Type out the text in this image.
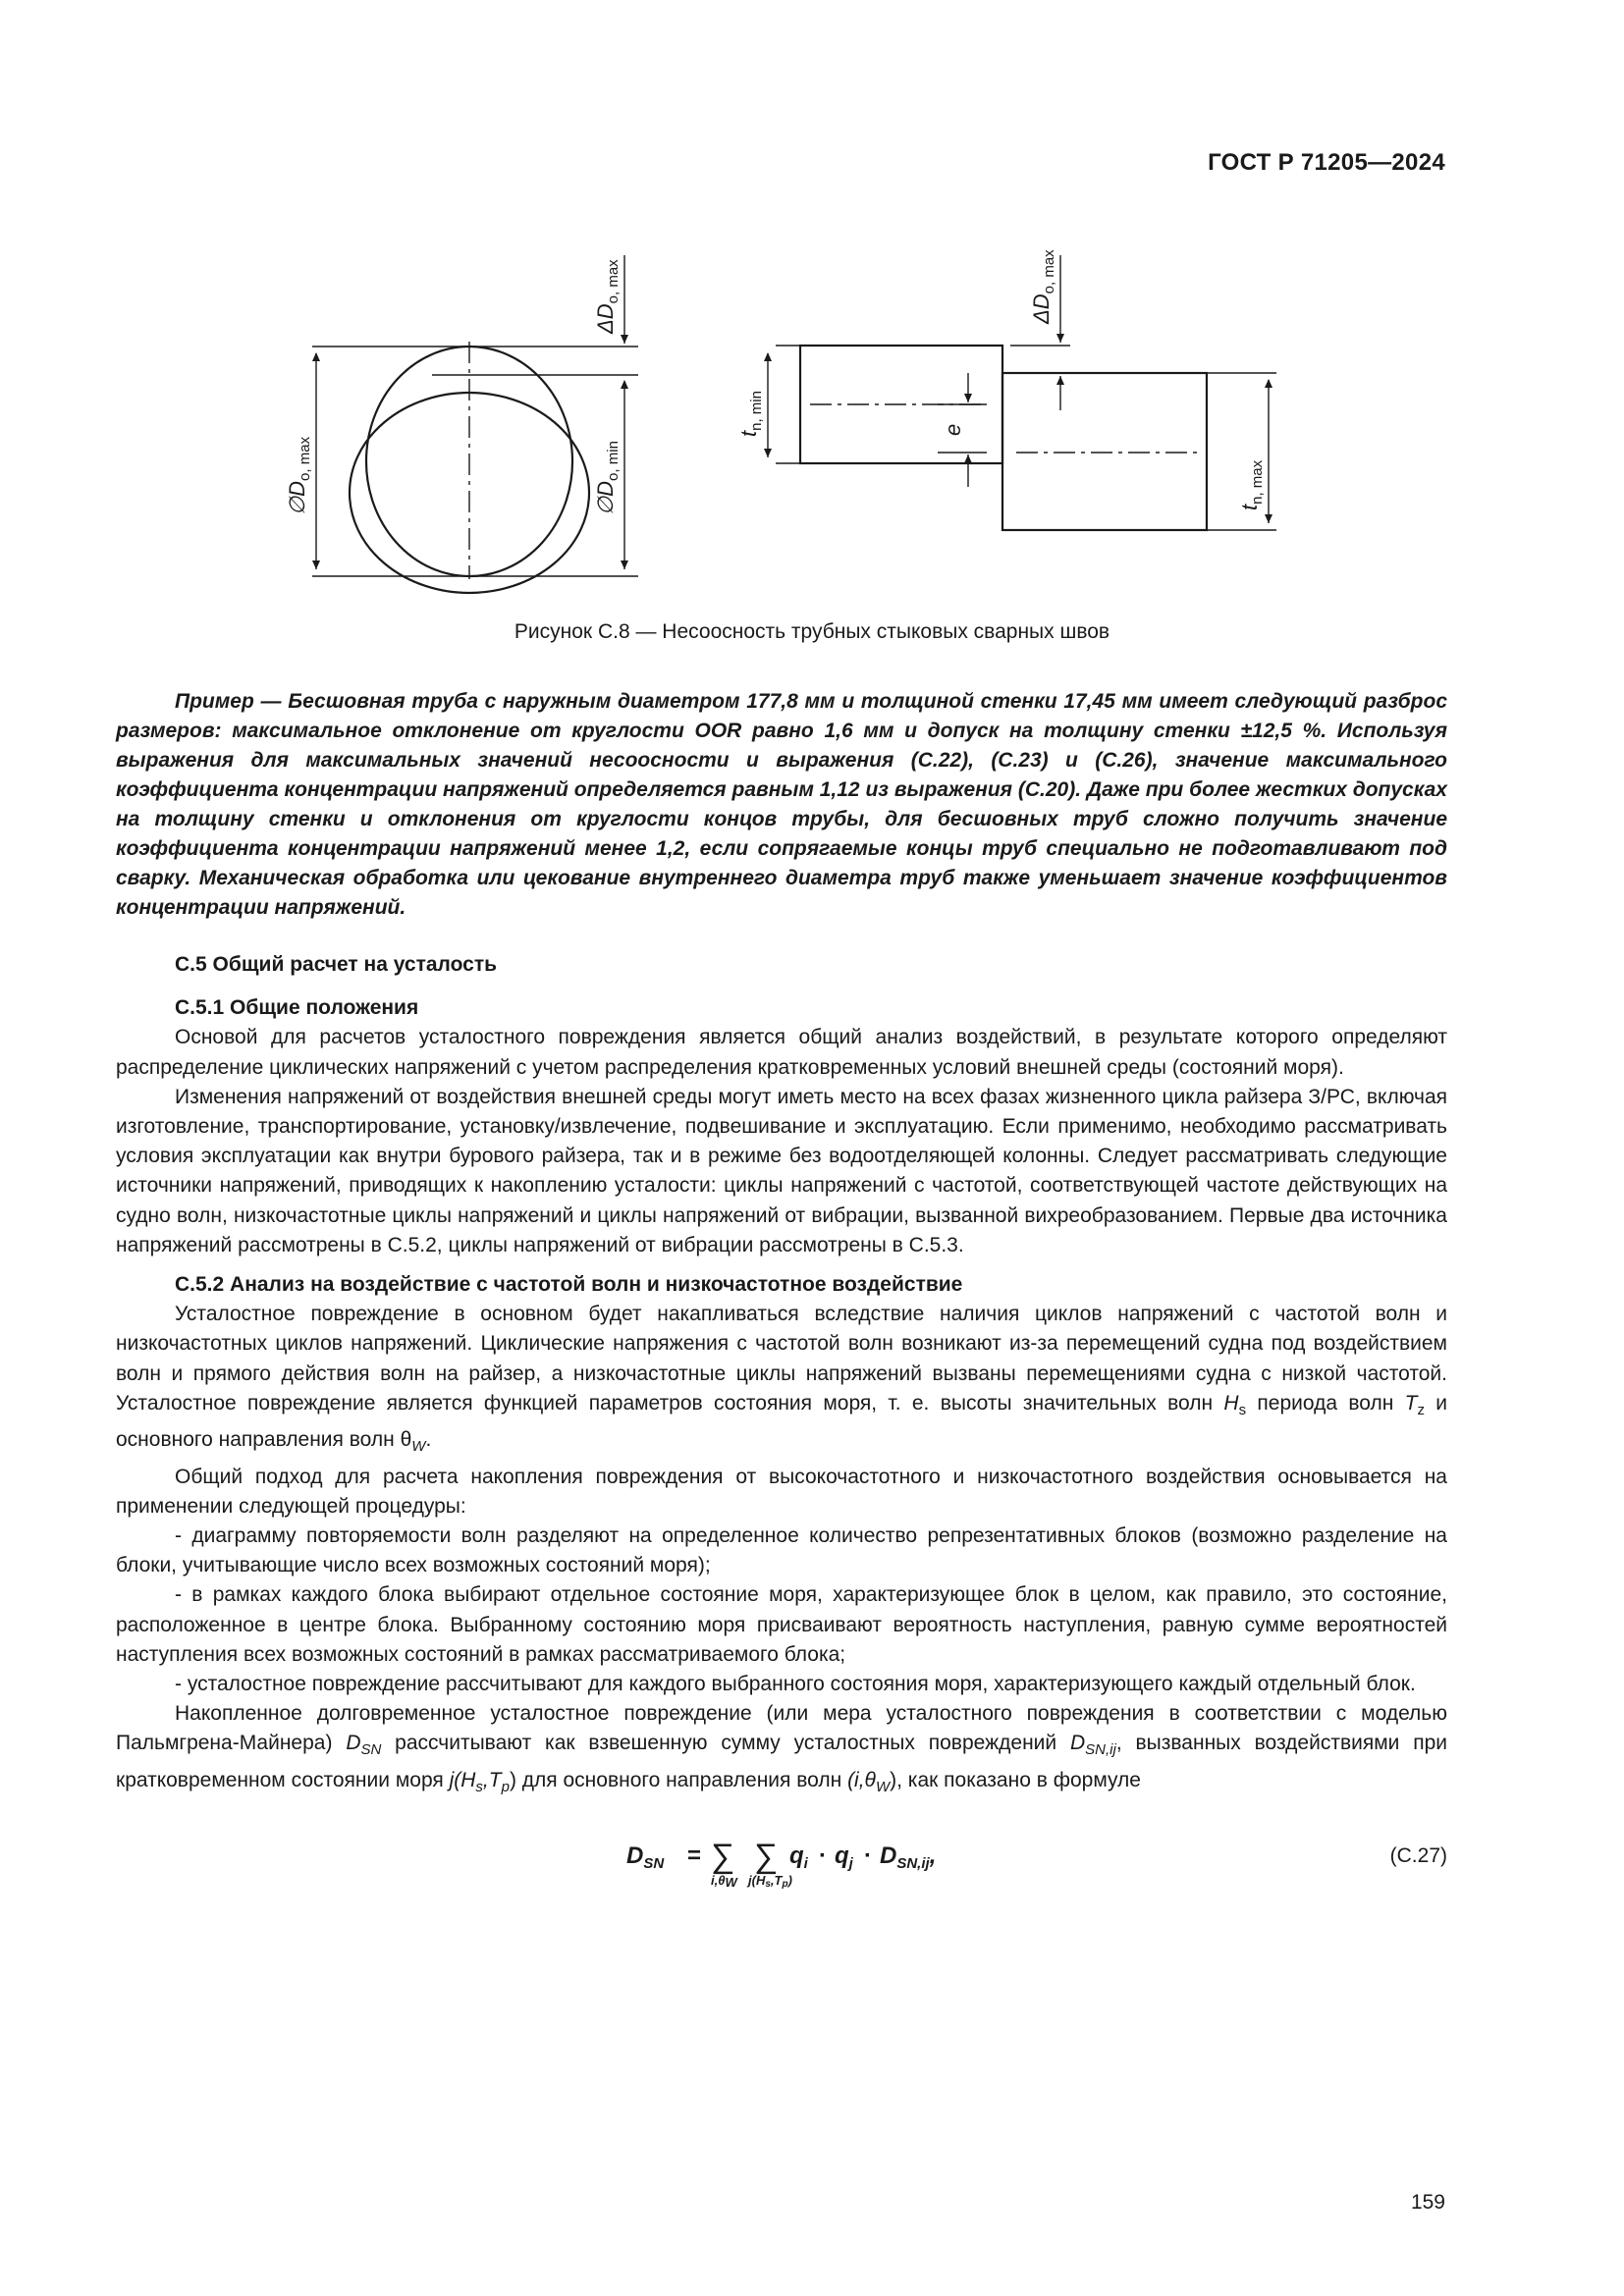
ГОСТ Р 71205—2024
$\emptyset D_{o, max}$
$\Delta D_{o, max}$
$\emptyset D_{o, min}$
$t_{n, min}$	e
$\Delta D_{o, max}$
$t_{n, max}$
Рисунок С.8 — Несоосность трубных стыковых сварных швов

Пример — Бесшовная труба с наружным диаметром 177,8 мм и толщиной стенки 17,45 мм имеет следующий разброс размеров: максимальное отклонение от круглости OOR равно 1,6 мм и допуск на толщину стенки ±12,5 %. Используя выражения для максимальных значений несоосности и выражения (С.22), (С.23) и (С.26), значение максимального коэффициента концентрации напряжений определяется равным 1,12 из выражения (С.20). Даже при более жестких допусках на толщину стенки и отклонения от круглости концов трубы, для бесшовных труб сложно получить значение коэффициента концентрации напряжений менее 1,2, если сопрягаемые концы труб специально не подготавливают под сварку. Механическая обработка или цекование внутреннего диаметра труб также уменьшает значение коэффициентов концентрации напряжений.

С.5 Общий расчет на усталость

С.5.1 Общие положения

Основой для расчетов усталостного повреждения является общий анализ воздействий, в результате которого определяют распределение циклических напряжений с учетом распределения кратковременных условий внешней среды (состояний моря).

Изменения напряжений от воздействия внешней среды могут иметь место на всех фазах жизненного цикла райзера З/РС, включая изготовление, транспортирование, установку/извлечение, подвешивание и эксплуатацию. Если применимо, необходимо рассматривать условия эксплуатации как внутри бурового райзера, так и в режиме без водоотделяющей колонны. Следует рассматривать следующие источники напряжений, приводящих к накоплению усталости: циклы напряжений с частотой, соответствующей частоте действующих на судно волн, низкочастотные циклы напряжений и циклы напряжений от вибрации, вызванной вихреобразованием. Первые два источника напряжений рассмотрены в С.5.2, циклы напряжений от вибрации рассмотрены в С.5.3.

С.5.2 Анализ на воздействие с частотой волн и низкочастотное воздействие

Усталостное повреждение в основном будет накапливаться вследствие наличия циклов напряжений с частотой волн и низкочастотных циклов напряжений. Циклические напряжения с частотой волн возникают из-за перемещений судна под воздействием волн и прямого действия волн на райзер, а низкочастотные циклы напряжений вызваны перемещениями судна с низкой частотой. Усталостное повреждение является функцией параметров состояния моря, т. е. высоты значительных волн $H_s$ периода волн $T_z$ и основного направления волн $\theta_W$.

Общий подход для расчета накопления повреждения от высокочастотного и низкочастотного воздействия основывается на применении следующей процедуры:

- диаграмму повторяемости волн разделяют на определенное количество репрезентативных блоков (возможно разделение на блоки, учитывающие число всех возможных состояний моря);

- в рамках каждого блока выбирают отдельное состояние моря, характеризующее блок в целом, как правило, это состояние, расположенное в центре блока. Выбранному состоянию моря присваивают вероятность наступления, равную сумме вероятностей наступления всех возможных состояний в рамках рассматриваемого блока;

- усталостное повреждение рассчитывают для каждого выбранного состояния моря, характеризующего каждый отдельный блок.

Накопленное долговременное усталостное повреждение (или мера усталостного повреждения в соответствии с моделью Пальмгрена-Майнера) $D_{SN}$ рассчитывают как взвешенную сумму усталостных повреждений $D_{SN,ij}$, вызванных воздействиями при кратковременном состоянии моря $j(H_s,T_p)$ для основного направления волн $(i,\theta_W)$, как показано в формуле

$D_{SN}$ = ∑
i,θW
∑
j(Hs,Tp)
$q_i \cdot q_j \cdot D_{SN,ij}$,	(С.27)
159
